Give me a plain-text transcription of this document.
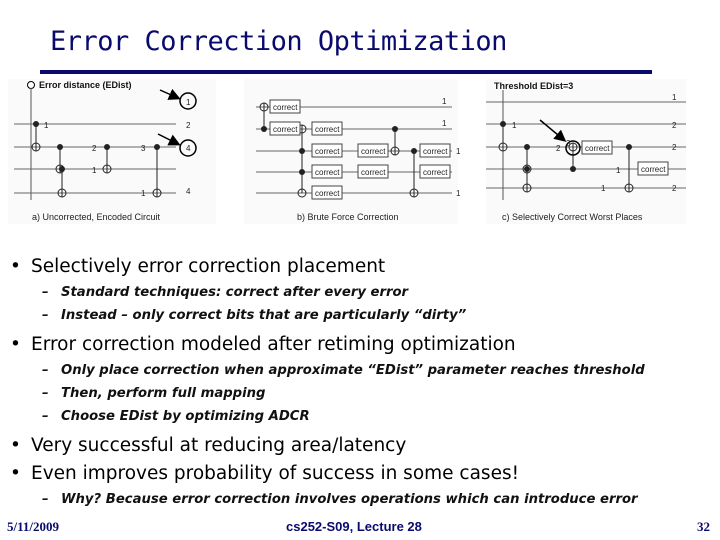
Error Correction Optimization
Error distance (EDist)
1
2
1
3
1
1
2
4
4
a) Uncorrected, Encoded Circuit
correct
correct correct
correct	correct
correct	correct
correct
correct
correct
1
1
1
1
b) Brute Force Correction
Threshold EDist=3
correct
correct
1
2
3
1
1
1
2
2
2
c) Selectively Correct Worst Places
• Selectively error correction placement
– Standard techniques: correct after every error
– Instead – only correct bits that are particularly “dirty”
• Error correction modeled after retiming optimization
– Only place correction when approximate “EDist” parameter reaches threshold
– Then, perform full mapping
– Choose EDist by optimizing ADCR
• Very successful at reducing area/latency
• Even improves probability of success in some cases!
– Why? Because error correction involves operations which can introduce error
5/11/2009	cs252-S09, Lecture 28	32
